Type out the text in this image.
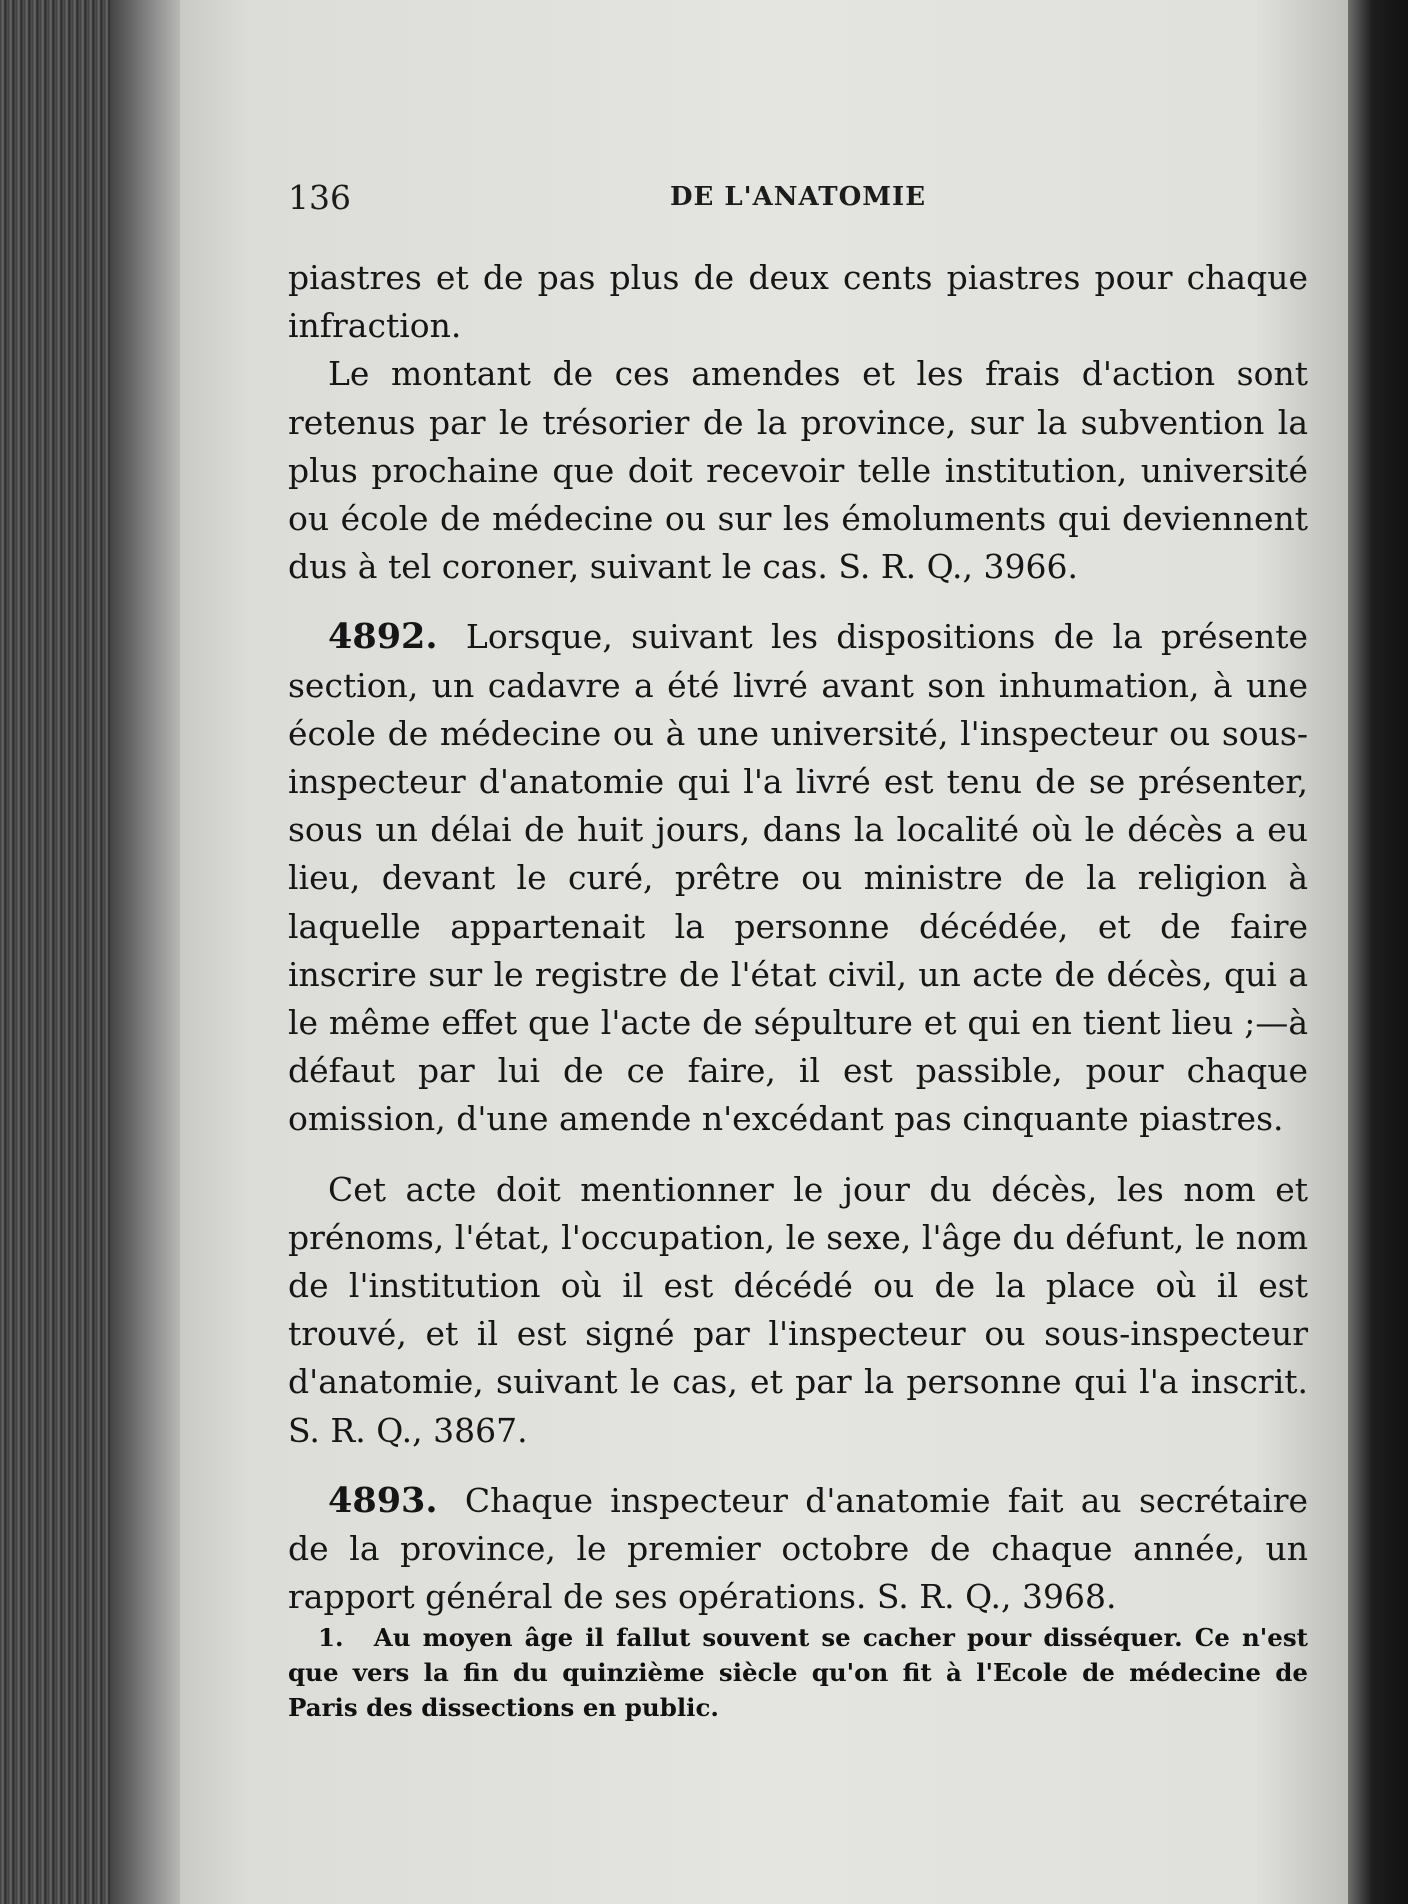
136	DE L'ANATOMIE

piastres et de pas plus de deux cents piastres pour chaque infraction.

Le montant de ces amendes et les frais d'action sont retenus par le trésorier de la province, sur la subvention la plus prochaine que doit recevoir telle institution, université ou école de médecine ou sur les émoluments qui deviennent dus à tel coroner, suivant le cas. S. R. Q., 3966.

4892. Lorsque, suivant les dispositions de la présente section, un cadavre a été livré avant son inhumation, à une école de médecine ou à une université, l'inspecteur ou sous-inspecteur d'anatomie qui l'a livré est tenu de se présenter, sous un délai de huit jours, dans la localité où le décès a eu lieu, devant le curé, prêtre ou ministre de la religion à laquelle appartenait la personne décédée, et de faire inscrire sur le registre de l'état civil, un acte de décès, qui a le même effet que l'acte de sépulture et qui en tient lieu ;—à défaut par lui de ce faire, il est passible, pour chaque omission, d'une amende n'excédant pas cinquante piastres.

Cet acte doit mentionner le jour du décès, les nom et prénoms, l'état, l'occupation, le sexe, l'âge du défunt, le nom de l'institution où il est décédé ou de la place où il est trouvé, et il est signé par l'inspecteur ou sous-inspecteur d'anatomie, suivant le cas, et par la personne qui l'a inscrit. S. R. Q., 3867.

4893. Chaque inspecteur d'anatomie fait au secrétaire de la province, le premier octobre de chaque année, un rapport général de ses opérations. S. R. Q., 3968.

1. Au moyen âge il fallut souvent se cacher pour disséquer. Ce n'est que vers la fin du quinzième siècle qu'on fit à l'Ecole de médecine de Paris des dissections en public.
